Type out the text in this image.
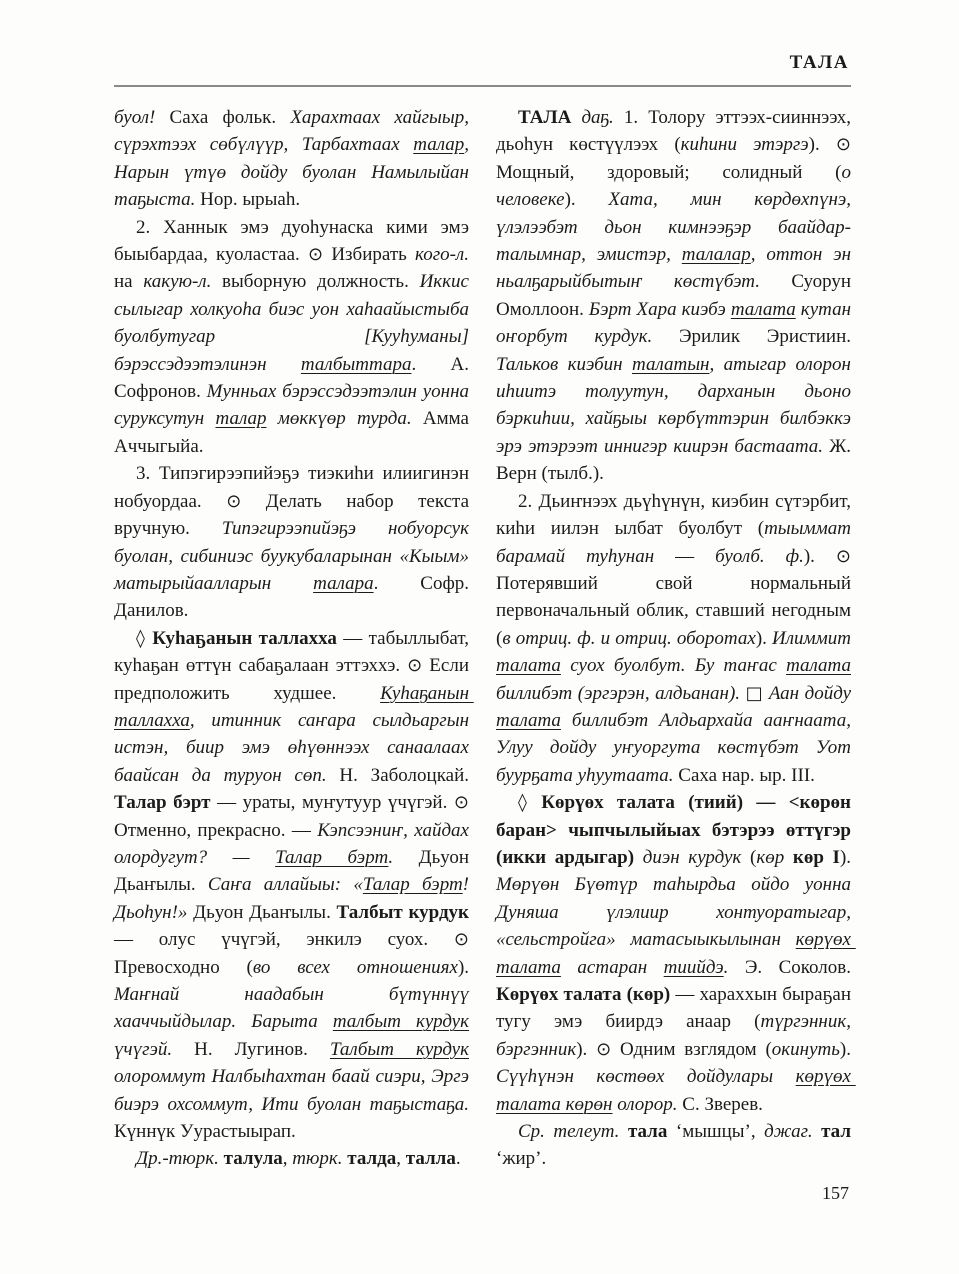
ТАЛА

буол! Саха фольк. Харахтаах хайгыыр, сүрэхтээх сөбүлүүр, Тарбахтаах талар, Нарын үтүө дойду буолан Намылыйан таҕыста. Нор. ырыаһ.

2. Ханнык эмэ дуоһунаска кими эмэ быыбардаа, куоластаа. ⊙ Избирать кого-л. на какую-л. выборную должность. Иккис сылыгар холкуоһа биэс уон хаһаайыстыба буолбутугар [Кууһуманы] бэрэссэдээтэлинэн талбыттара. А. Софронов. Мунньах бэрэссэдээтэлин уонна суруксутун талар мөккүөр турда. Амма Аччыгыйа.

3. Типэгирээпийэҕэ тиэкиһи илиигинэн нобуордаа. ⊙ Делать набор текста вручную. Типэгирээпийэҕэ нобуорсук буолан, сибиниэс буукубаларынан «Кыым» матырыйаалларын талара. Софр. Данилов.

◊ Куһаҕанын таллахха — табыллыбат, куһаҕан өттүн сабаҕалаан эттэххэ. ⊙ Если предположить худшее. Куһаҕанын таллахха, итинник саҥара сылдьаргын истэн, биир эмэ өһүөннээх санаалаах баайсан да туруон сөп. Н. Заболоцкай. Талар бэрт — ураты, муҥутуур үчүгэй. ⊙ Отменно, прекрасно. — Кэпсээниҥ, хайдах олордугут? — Талар бэрт. Дьуон Дьаҥылы. Саҥа аллайыы: «Талар бэрт! Дьоһун!» Дьуон Дьаҥылы. Талбыт курдук — олус үчүгэй, энкилэ суох. ⊙ Превосходно (во всех отношениях). Маҥнай наадабын бүтүннүү хааччыйдылар. Барыта талбыт курдук үчүгэй. Н. Лугинов. Талбыт курдук олороммут Налбыһахтан баай сиэри, Эргэ биэрэ охсоммут, Ити буолан таҕыстаҕа. Күннүк Уурастыырап.

Др.-тюрк. талула, тюрк. талда, талла.

ТАЛА даҕ. 1. Толору эттээх-сииннээх, дьоһун көстүүлээх (киһини этэргэ). ⊙ Мощный, здоровый; солидный (о человеке). Хата, мин көрдөхпүнэ, үлэлээбэт дьон кимнээҕэр баайдар-талымнар, эмистэр, талалар, оттон эн ньалҕарыйбытыҥ көстүбэт. Суорун Омоллоон. Бэрт Хара киэбэ талата кутан оҥорбут курдук. Эрилик Эристиин. Тальков киэбин талатын, атыгар олорон иһиитэ толуутун, дарханын дьоно бэркиһии, хайҕыы көрбүттэрин билбэккэ эрэ этэрээт иннигэр киирэн бастаата. Ж. Верн (тылб.).

2. Дьиҥнээх дьүһүнүн, киэбин сүтэрбит, киһи иилэн ылбат буолбут (тыыммат барамай туһунан — буолб. ф.). ⊙ Потерявший свой нормальный первоначальный облик, ставший негодным (в отриц. ф. и отриц. оборотах). Илиммит талата суох буолбут. Бу таҥас талата биллибэт (эргэрэн, алдьанан). □ Аан дойду талата биллибэт Алдьархайа ааҥнаата, Улуу дойду уҥуоргута көстүбэт Уот буурҕата уһуутаата. Саха нар. ыр. III.

◊ Көрүөх талата (тиий) — <көрөн баран> чыпчылыйыах бэтэрээ өттүгэр (икки ардыгар) диэн курдук (көр көр I). Мөрүөн Бүөтүр таһырдьа ойдо уонна Дуняша үлэлиир хонтуоратыгар, «сельстройга» матасыыкылынан көрүөх талата астаран тиийдэ. Э. Соколов. Көрүөх талата (көр) — хараххын быраҕан тугу эмэ биирдэ анаар (түргэнник, бэргэнник). ⊙ Одним взглядом (окинуть). Сүүһүнэн көстөөх дойдулары көрүөх талата көрөн олорор. С. Зверев.

Ср. телеут. тала ‘мышцы’, джаг. тал ‘жир’.

157
